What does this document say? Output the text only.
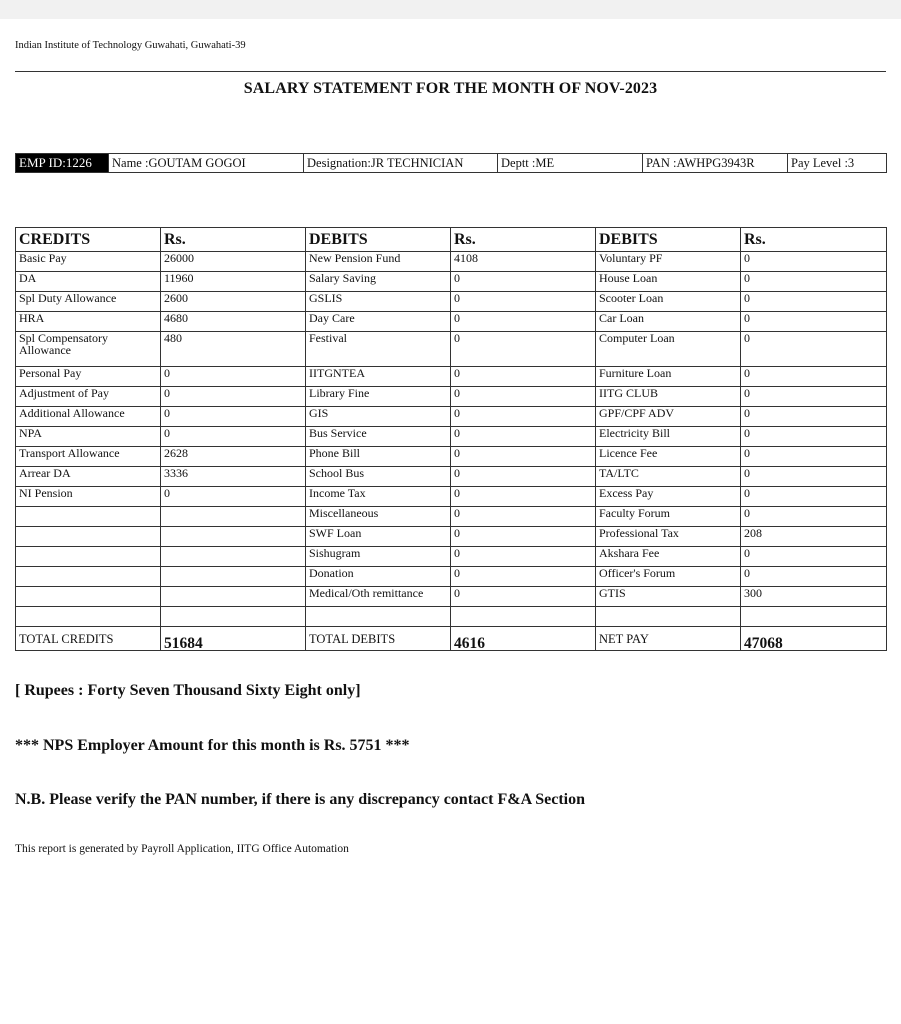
Indian Institute of Technology Guwahati, Guwahati-39
SALARY STATEMENT FOR THE MONTH OF NOV-2023
EMP ID:1226	Name :GOUTAM GOGOI	Designation:JR TECHNICIAN	Deptt :ME	PAN :AWHPG3943R	Pay Level :3
CREDITS	Rs.	DEBITS	Rs.	DEBITS	Rs.
Basic Pay	26000	New Pension Fund	4108	Voluntary PF	0
DA	11960	Salary Saving	0	House Loan	0
Spl Duty Allowance	2600	GSLIS	0	Scooter Loan	0
HRA	4680	Day Care	0	Car Loan	0
Spl Compensatory Allowance	480	Festival	0	Computer Loan	0
Personal Pay	0	IITGNTEA	0	Furniture Loan	0
Adjustment of Pay	0	Library Fine	0	IITG CLUB	0
Additional Allowance	0	GIS	0	GPF/CPF ADV	0
NPA	0	Bus Service	0	Electricity Bill	0
Transport Allowance	2628	Phone Bill	0	Licence Fee	0
Arrear DA	3336	School Bus	0	TA/LTC	0
NI Pension	0	Income Tax	0	Excess Pay	0
		Miscellaneous	0	Faculty Forum	0
		SWF Loan	0	Professional Tax	208
		Sishugram	0	Akshara Fee	0
		Donation	0	Officer's Forum	0
		Medical/Oth remittance	0	GTIS	300

TOTAL CREDITS	51684	TOTAL DEBITS	4616	NET PAY	47068
[ Rupees : Forty Seven Thousand Sixty Eight only]
*** NPS Employer Amount for this month is Rs. 5751 ***
N.B. Please verify the PAN number, if there is any discrepancy contact F&A Section
This report is generated by Payroll Application, IITG Office Automation
